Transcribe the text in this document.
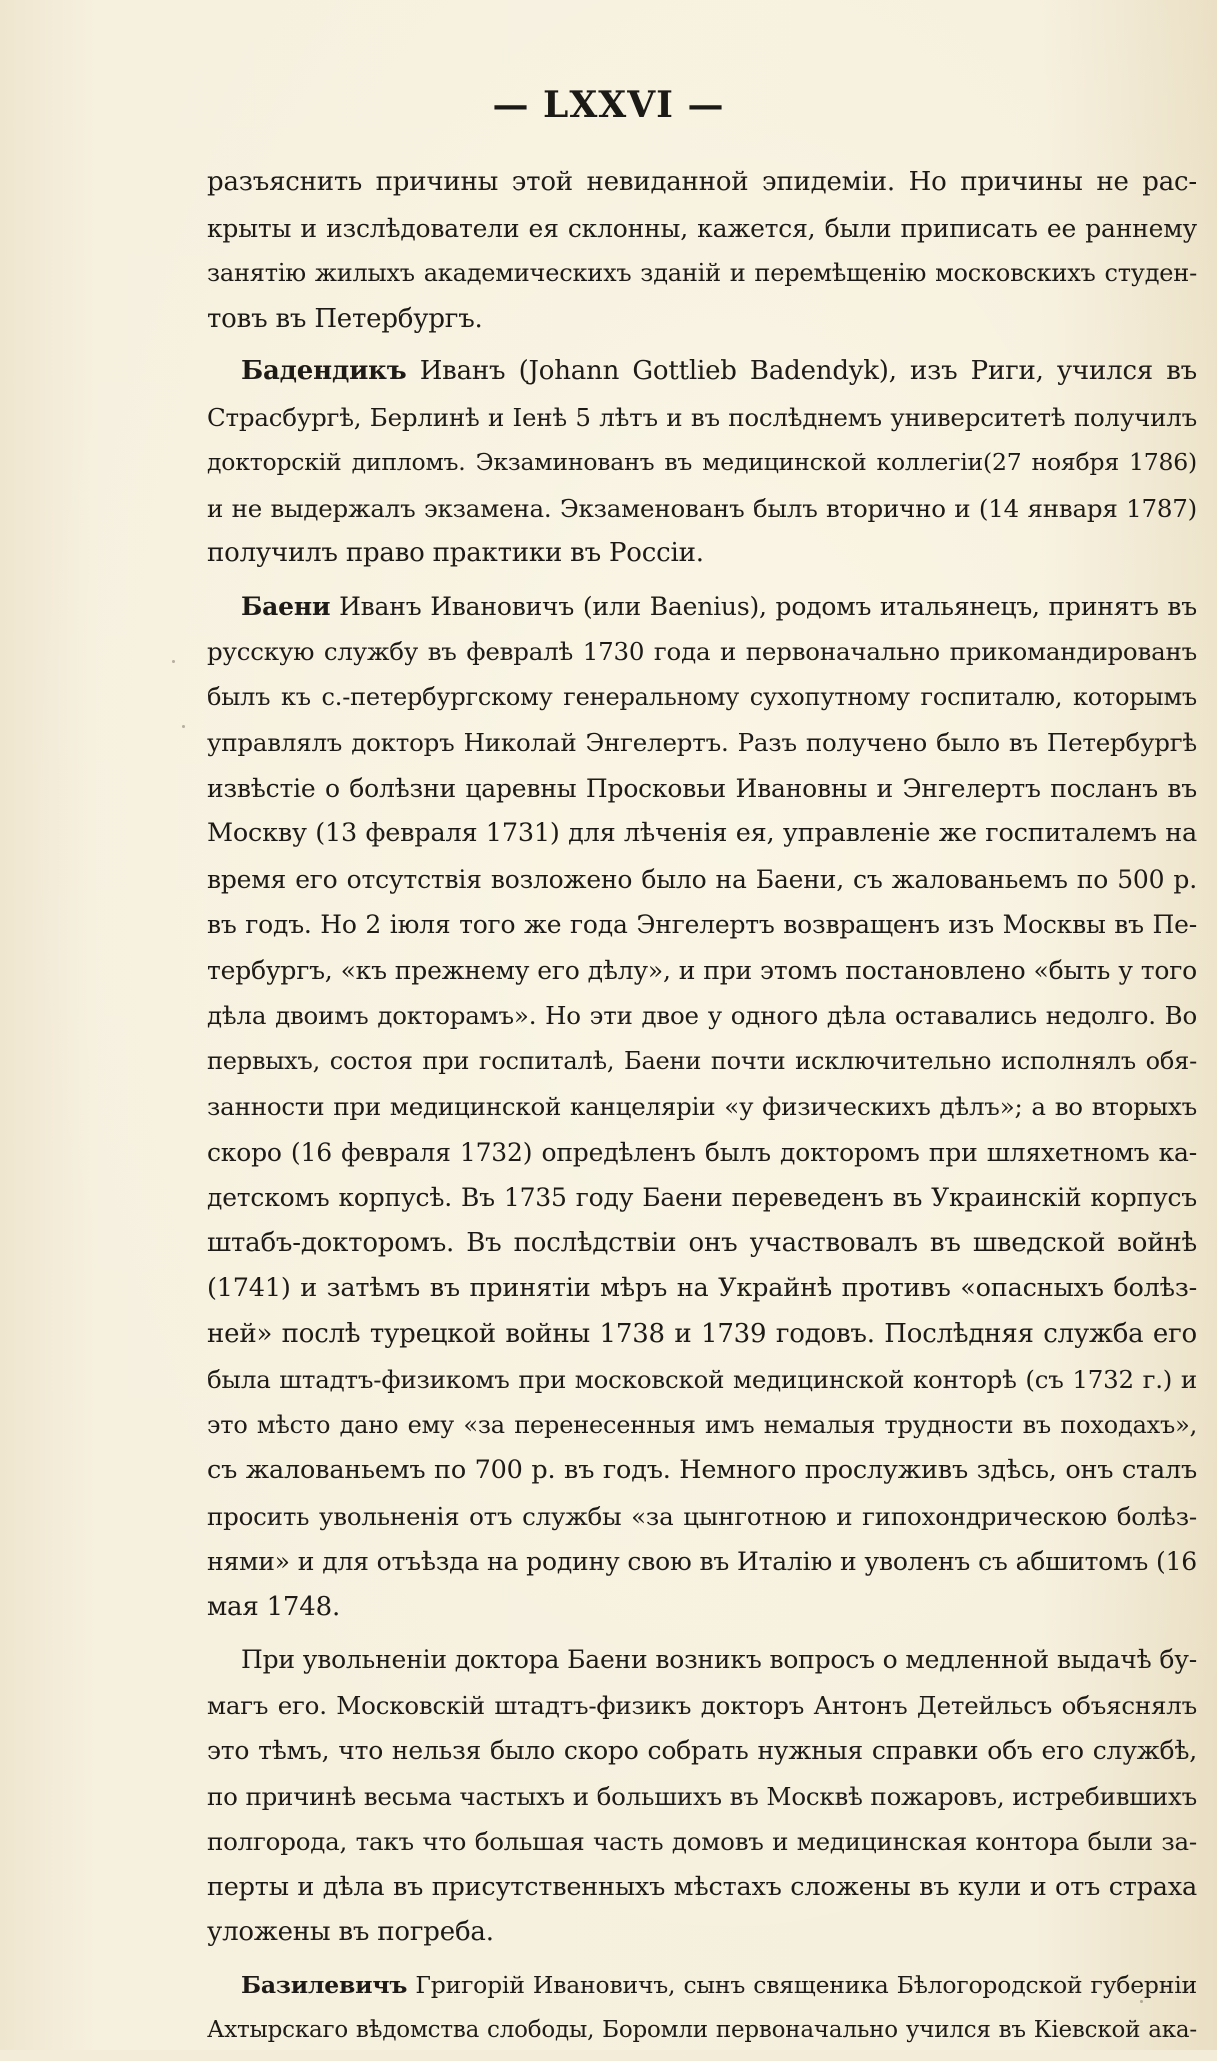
— LXXVI —
разъяснить причины этой невиданной эпидеміи. Но причины не рас-
крыты и изслѣдователи ея склонны, кажется, были приписать ее раннему
занятію жилыхъ академическихъ зданій и перемѣщенію московскихъ студен-
товъ въ Петербургъ.
Бадендикъ Иванъ (Johann Gottlieb Badendyk), изъ Риги, учился въ
Страсбургѣ, Берлинѣ и Іенѣ 5 лѣтъ и въ послѣднемъ университетѣ получилъ
докторскій дипломъ. Экзаминованъ въ медицинской коллегіи(27 ноября 1786)
и не выдержалъ экзамена. Экзаменованъ былъ вторично и (14 января 1787)
получилъ право практики въ Россіи.
Баени Иванъ Ивановичъ (или Baenius), родомъ итальянецъ, принятъ въ
русскую службу въ февралѣ 1730 года и первоначально прикомандированъ
былъ къ с.-петербургскому генеральному сухопутному госпиталю, которымъ
управлялъ докторъ Николай Энгелертъ. Разъ получено было въ Петербургѣ
извѣстіе о болѣзни царевны Просковьи Ивановны и Энгелертъ посланъ въ
Москву (13 февраля 1731) для лѣченія ея, управленіе же госпиталемъ на
время его отсутствія возложено было на Баени, съ жалованьемъ по 500 р.
въ годъ. Но 2 іюля того же года Энгелертъ возвращенъ изъ Москвы въ Пе-
тербургъ, «къ прежнему его дѣлу», и при этомъ постановлено «быть у того
дѣла двоимъ докторамъ». Но эти двое у одного дѣла оставались недолго. Во
первыхъ, состоя при госпиталѣ, Баени почти исключительно исполнялъ обя-
занности при медицинской канцеляріи «у физическихъ дѣлъ»; а во вторыхъ
скоро (16 февраля 1732) опредѣленъ былъ докторомъ при шляхетномъ ка-
детскомъ корпусѣ. Въ 1735 году Баени переведенъ въ Украинскій корпусъ
штабъ-докторомъ. Въ послѣдствіи онъ участвовалъ въ шведской войнѣ
(1741) и затѣмъ въ принятіи мѣръ на Украйнѣ противъ «опасныхъ болѣз-
ней» послѣ турецкой войны 1738 и 1739 годовъ. Послѣдняя служба его
была штадтъ-физикомъ при московской медицинской конторѣ (съ 1732 г.) и
это мѣсто дано ему «за перенесенныя имъ немалыя трудности въ походахъ»,
съ жалованьемъ по 700 р. въ годъ. Немного прослуживъ здѣсь, онъ сталъ
просить увольненія отъ службы «за цынготною и гипохондрическою болѣз-
нями» и для отъѣзда на родину свою въ Италію и уволенъ съ абшитомъ (16
мая 1748.
При увольненіи доктора Баени возникъ вопросъ о медленной выдачѣ бу-
магъ его. Московскій штадтъ-физикъ докторъ Антонъ Детейльсъ объяснялъ
это тѣмъ, что нельзя было скоро собрать нужныя справки объ его службѣ,
по причинѣ весьма частыхъ и большихъ въ Москвѣ пожаровъ, истребившихъ
полгорода, такъ что большая часть домовъ и медицинская контора были за-
перты и дѣла въ присутственныхъ мѣстахъ сложены въ кули и отъ страха
уложены въ погреба.
Базилевичъ Григорій Ивановичъ, сынъ священика Бѣлогородской губерніи
Ахтырскаго вѣдомства слободы, Боромли первоначально учился въ Кіевской ака-
